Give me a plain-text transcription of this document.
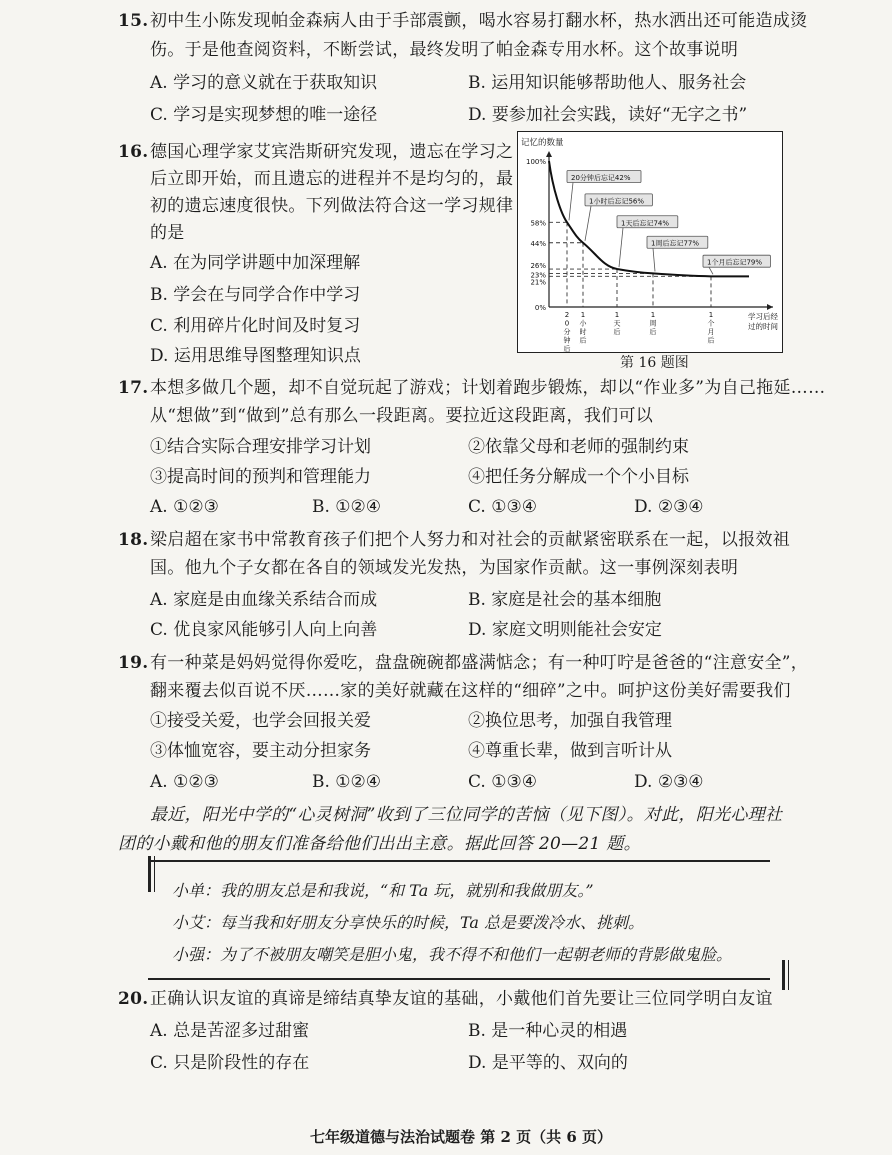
15. 初中生小陈发现帕金森病人由于手部震颤，喝水容易打翻水杯，热水洒出还可能造成烫
伤。于是他查阅资料，不断尝试，最终发明了帕金森专用水杯。这个故事说明
A. 学习的意义就在于获取知识	B. 运用知识能够帮助他人、服务社会
C. 学习是实现梦想的唯一途径	D. 要参加社会实践，读好“无字之书”
16. 德国心理学家艾宾浩斯研究发现，遗忘在学习之
后立即开始，而且遗忘的进程并不是均匀的，最
初的遗忘速度很快。下列做法符合这一学习规律
的是
A. 在为同学讲题中加深理解
B. 学会在与同学合作中学习
C. 利用碎片化时间及时复习
D. 运用思维导图整理知识点
记忆的数量
100%
58%
44%
26%
23%
21%
0%
2
0
分
钟
后
1
小
时
后
1
天
后
1
周
后
1
个
月
后
学习后经
过的时间
20分钟后忘记42%
1小时后忘记56%
1天后忘记74%
1周后忘记77%
1个月后忘记79%
第 16 题图
17. 本想多做几个题，却不自觉玩起了游戏；计划着跑步锻炼，却以“作业多”为自己拖延……
从“想做”到“做到”总有那么一段距离。要拉近这段距离，我们可以
①结合实际合理安排学习计划	②依靠父母和老师的强制约束
③提高时间的预判和管理能力	④把任务分解成一个个小目标
A. ①②③	B. ①②④	C. ①③④	D. ②③④
18. 梁启超在家书中常教育孩子们把个人努力和对社会的贡献紧密联系在一起，以报效祖
国。他九个子女都在各自的领域发光发热，为国家作贡献。这一事例深刻表明
A. 家庭是由血缘关系结合而成	B. 家庭是社会的基本细胞
C. 优良家风能够引人向上向善	D. 家庭文明则能社会安定
19. 有一种菜是妈妈觉得你爱吃，盘盘碗碗都盛满惦念；有一种叮咛是爸爸的“注意安全”，
翻来覆去似百说不厌……家的美好就藏在这样的“细碎”之中。呵护这份美好需要我们
①接受关爱，也学会回报关爱	②换位思考，加强自我管理
③体恤宽容，要主动分担家务	④尊重长辈，做到言听计从
A. ①②③	B. ①②④	C. ①③④	D. ②③④
最近，阳光中学的“心灵树洞”收到了三位同学的苦恼（见下图）。对此，阳光心理社
团的小戴和他的朋友们准备给他们出出主意。据此回答 20—21 题。
小单：我的朋友总是和我说，“和 Ta 玩，就别和我做朋友。”
小艾：每当我和好朋友分享快乐的时候，Ta 总是要泼冷水、挑刺。
小强：为了不被朋友嘲笑是胆小鬼，我不得不和他们一起朝老师的背影做鬼脸。
20. 正确认识友谊的真谛是缔结真挚友谊的基础，小戴他们首先要让三位同学明白友谊
A. 总是苦涩多过甜蜜	B. 是一种心灵的相遇
C. 只是阶段性的存在	D. 是平等的、双向的
七年级道德与法治试题卷 第 2 页（共 6 页）
